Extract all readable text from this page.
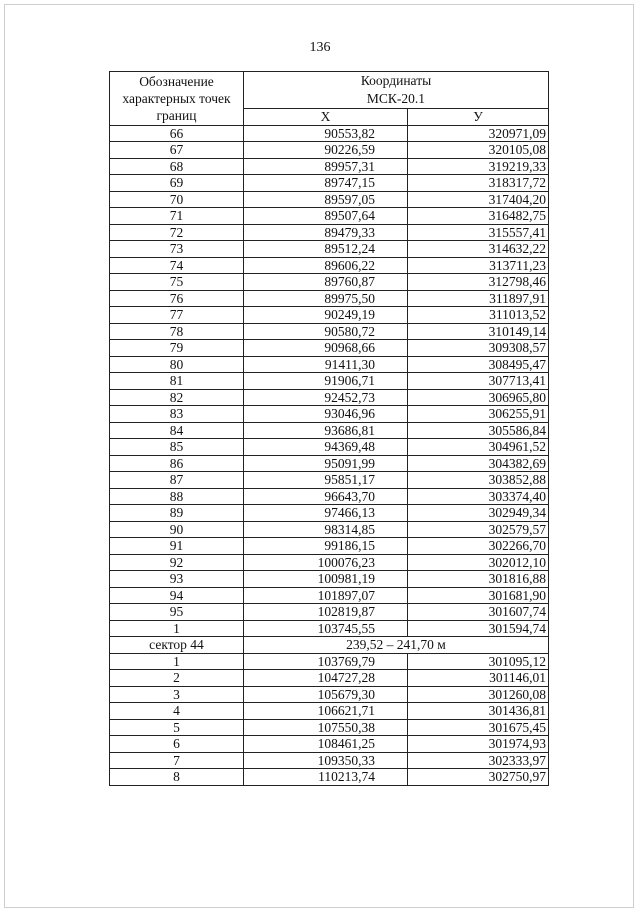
136
Обозначение характерных точек границ	Координаты
МСК-20.1	

	Х	У
66	90553,82	320971,09
67	90226,59	320105,08
68	89957,31	319219,33
69	89747,15	318317,72
70	89597,05	317404,20
71	89507,64	316482,75
72	89479,33	315557,41
73	89512,24	314632,22
74	89606,22	313711,23
75	89760,87	312798,46
76	89975,50	311897,91
77	90249,19	311013,52
78	90580,72	310149,14
79	90968,66	309308,57
80	91411,30	308495,47
81	91906,71	307713,41
82	92452,73	306965,80
83	93046,96	306255,91
84	93686,81	305586,84
85	94369,48	304961,52
86	95091,99	304382,69
87	95851,17	303852,88
88	96643,70	303374,40
89	97466,13	302949,34
90	98314,85	302579,57
91	99186,15	302266,70
92	100076,23	302012,10
93	100981,19	301816,88
94	101897,07	301681,90
95	102819,87	301607,74
1	103745,55	301594,74
сектор 44	239,52 – 241,70 м	
1	103769,79	301095,12
2	104727,28	301146,01
3	105679,30	301260,08
4	106621,71	301436,81
5	107550,38	301675,45
6	108461,25	301974,93
7	109350,33	302333,97
8	110213,74	302750,97
